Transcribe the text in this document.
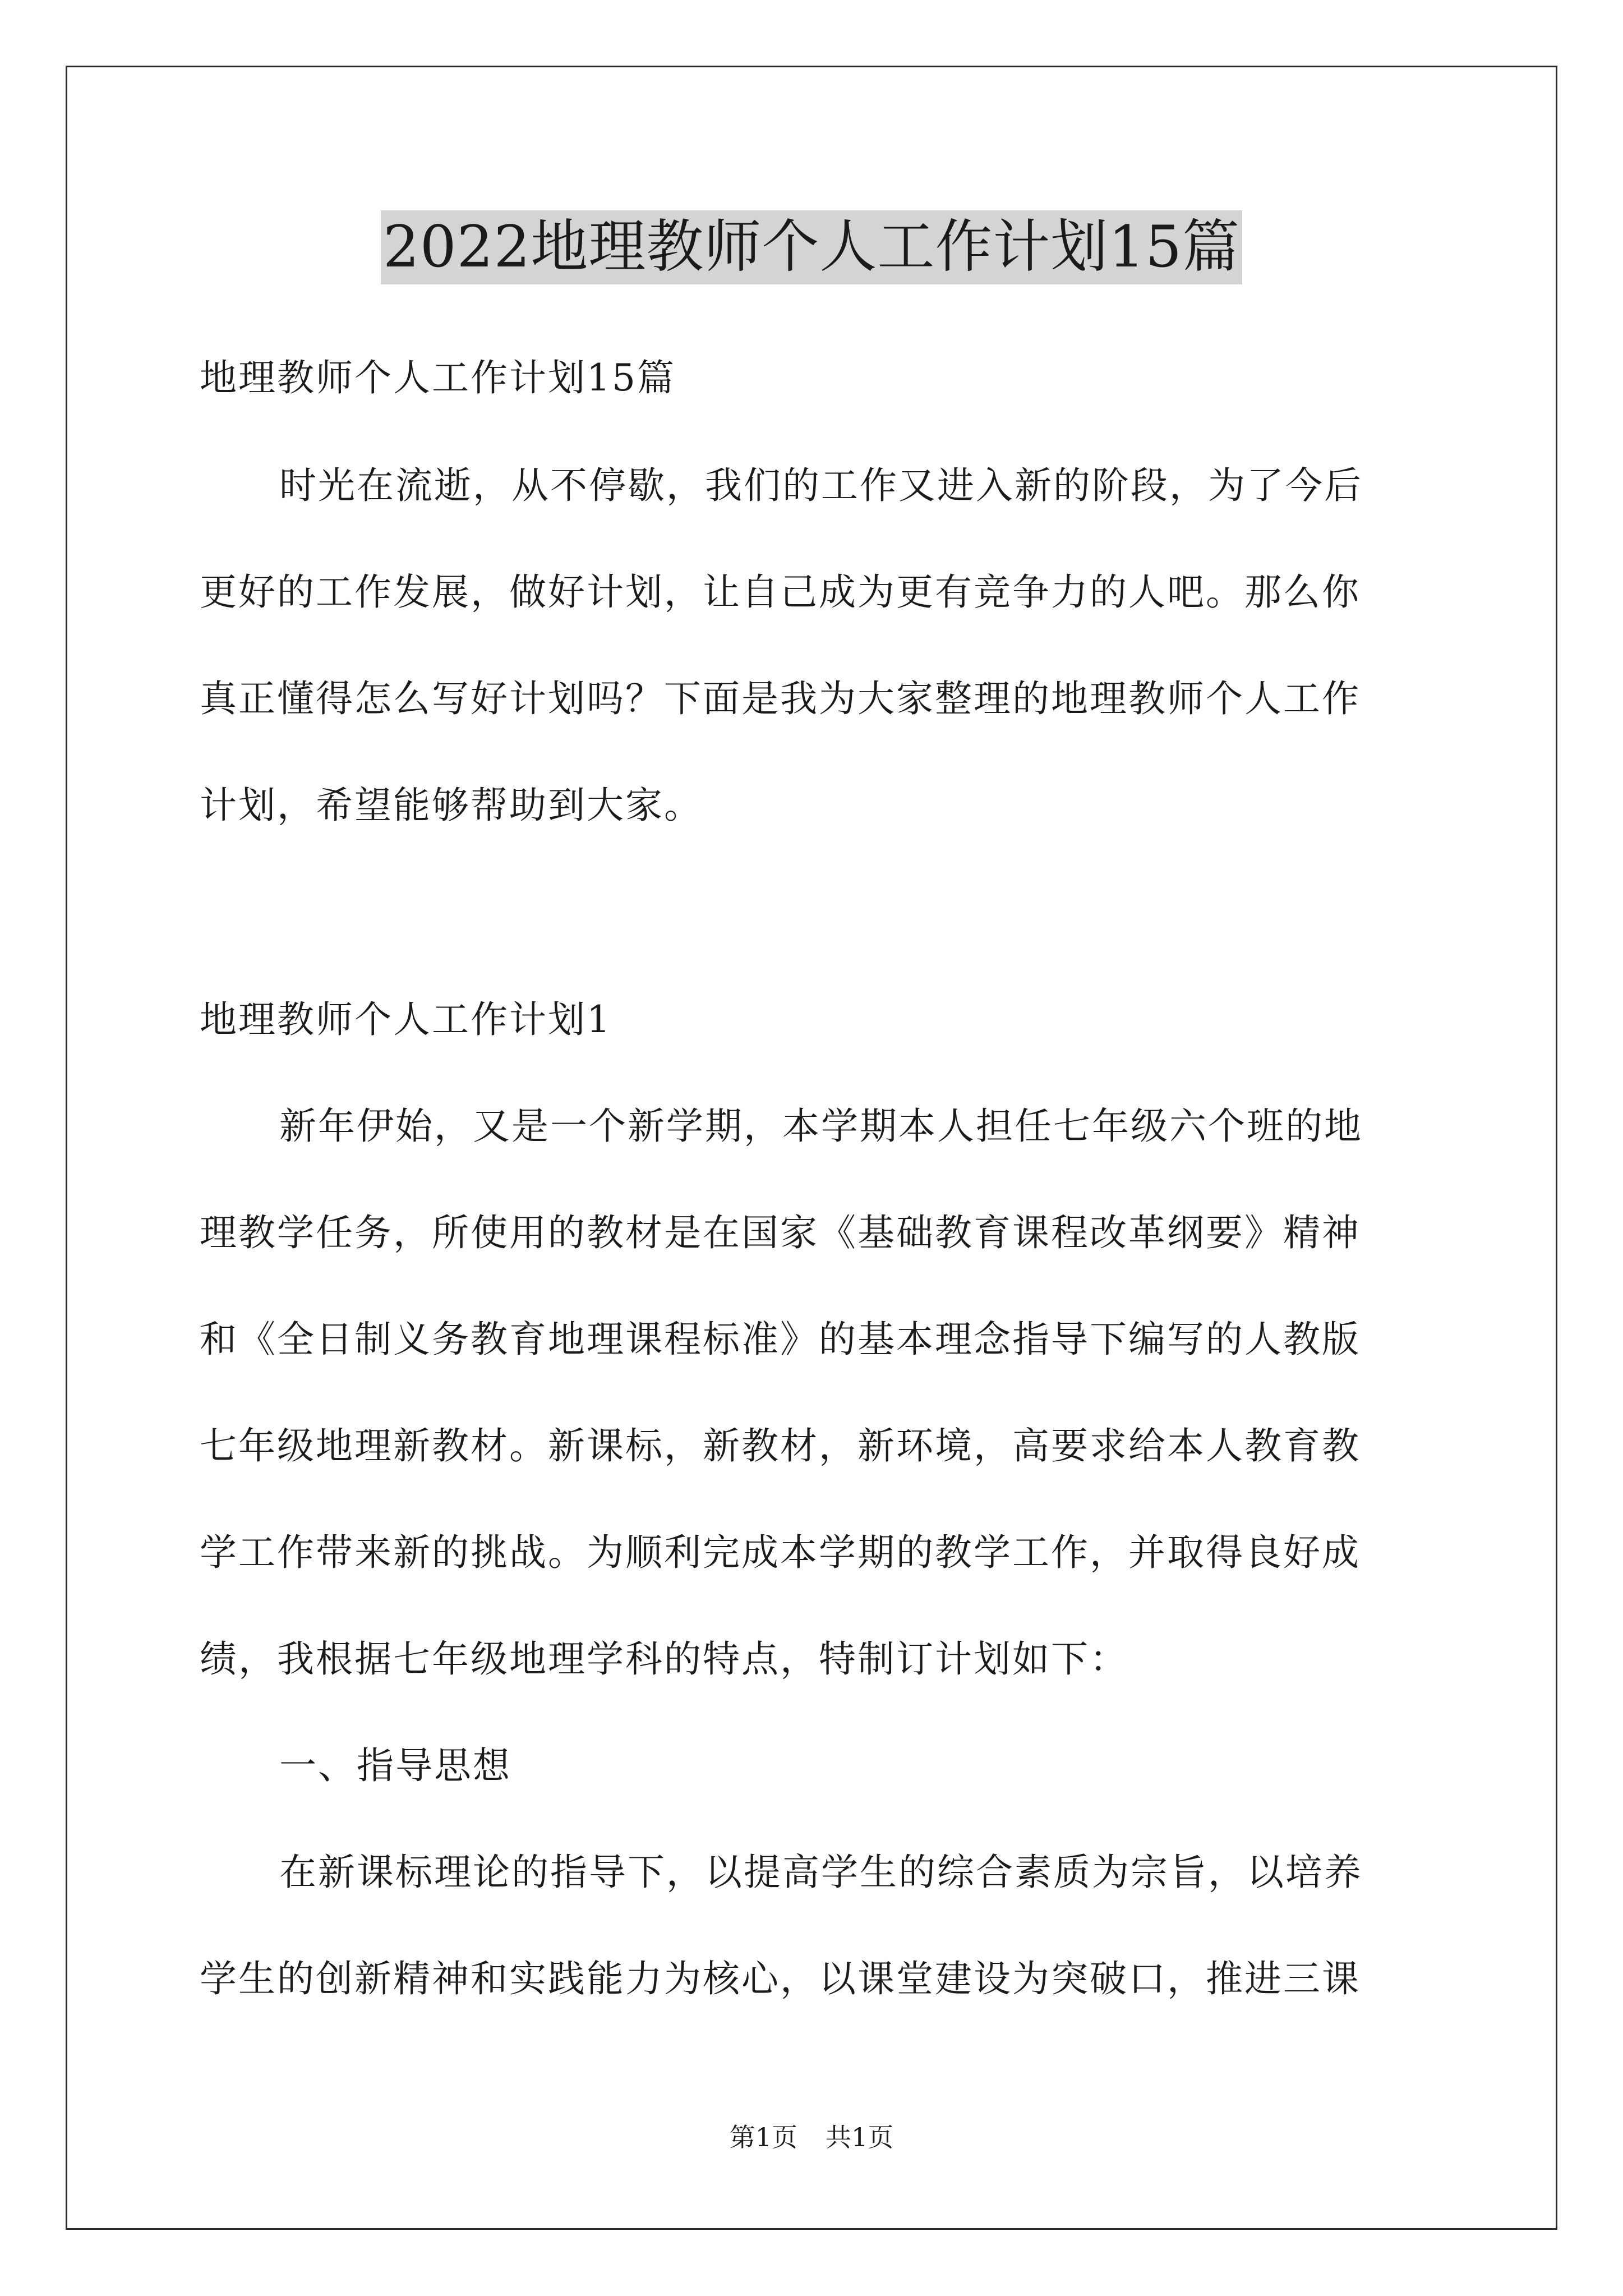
2022地理教师个人工作计划15篇
地理教师个人工作计划15篇
时光在流逝，从不停歇，我们的工作又进入新的阶段，为了今后
更好的工作发展，做好计划，让自己成为更有竞争力的人吧。那么你
真正懂得怎么写好计划吗？下面是我为大家整理的地理教师个人工作
计划，希望能够帮助到大家。
地理教师个人工作计划1
新年伊始，又是一个新学期，本学期本人担任七年级六个班的地
理教学任务，所使用的教材是在国家《基础教育课程改革纲要》精神
和《全日制义务教育地理课程标准》的基本理念指导下编写的人教版
七年级地理新教材。新课标，新教材，新环境，高要求给本人教育教
学工作带来新的挑战。为顺利完成本学期的教学工作，并取得良好成
绩，我根据七年级地理学科的特点，特制订计划如下：
一、指导思想
在新课标理论的指导下，以提高学生的综合素质为宗旨，以培养
学生的创新精神和实践能力为核心，以课堂建设为突破口，推进三课
第1页 共1页
